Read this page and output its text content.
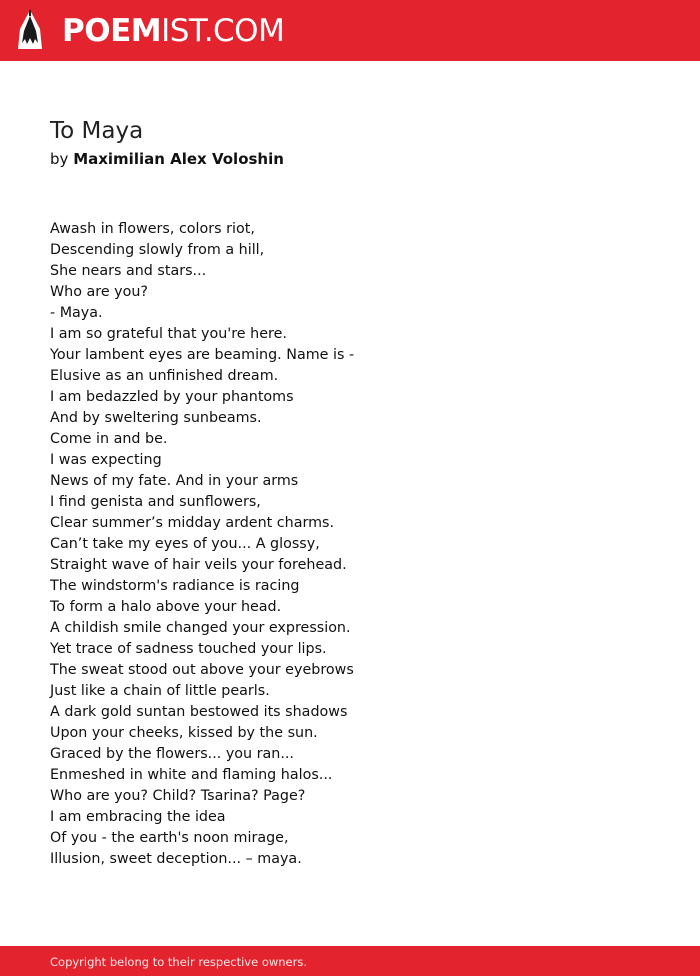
POEMIST.COM
To Maya
by Maximilian Alex Voloshin
Awash in flowers, colors riot,
Descending slowly from a hill,
She nears and stars...
Who are you?
- Maya.
I am so grateful that you're here.
Your lambent eyes are beaming. Name is -
Elusive as an unfinished dream.
I am bedazzled by your phantoms
And by sweltering sunbeams.
Come in and be.
I was expecting
News of my fate. And in your arms
I find genista and sunflowers,
Clear summer’s midday ardent charms.
Can’t take my eyes of you... A glossy,
Straight wave of hair veils your forehead.
The windstorm's radiance is racing
To form a halo above your head.
A childish smile changed your expression.
Yet trace of sadness touched your lips.
The sweat stood out above your eyebrows
Just like a chain of little pearls.
A dark gold suntan bestowed its shadows
Upon your cheeks, kissed by the sun.
Graced by the flowers... you ran...
Enmeshed in white and flaming halos...
Who are you? Child? Tsarina? Page?
I am embracing the idea
Of you - the earth's noon mirage,
Illusion, sweet deception... – maya.
Copyright belong to their respective owners.
